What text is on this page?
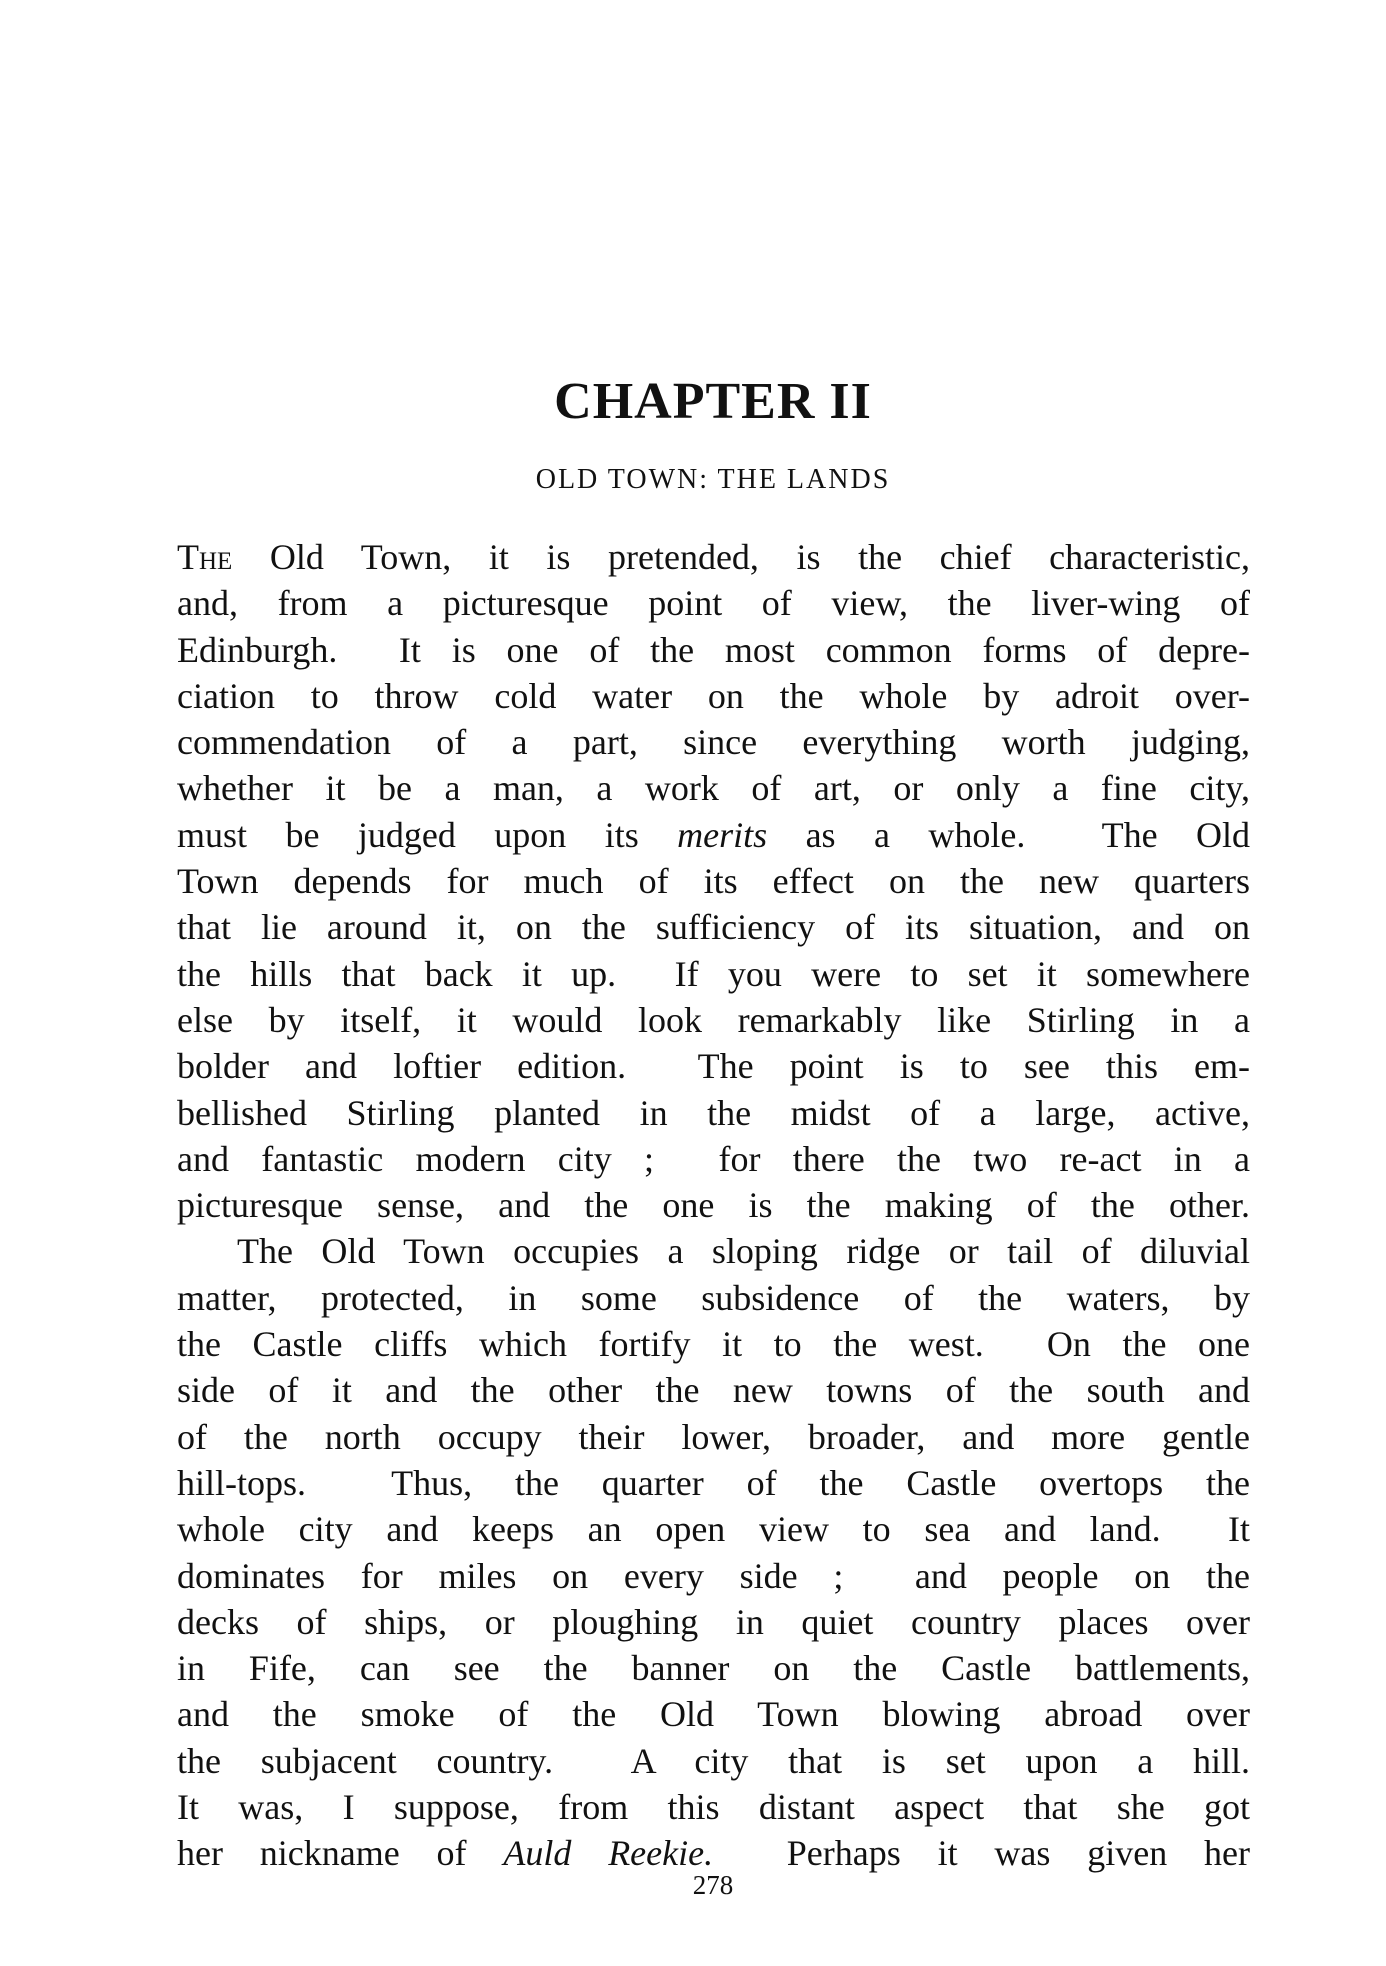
CHAPTER II
OLD TOWN: THE LANDS
The Old Town, it is pretended, is the chief characteristic,
and, from a picturesque point of view, the liver-wing of
Edinburgh.  It is one of the most common forms of depre-
ciation to throw cold water on the whole by adroit over-
commendation of a part, since everything worth judging,
whether it be a man, a work of art, or only a fine city,
must be judged upon its merits as a whole.  The Old
Town depends for much of its effect on the new quarters
that lie around it, on the sufficiency of its situation, and on
the hills that back it up.  If you were to set it somewhere
else by itself, it would look remarkably like Stirling in a
bolder and loftier edition.  The point is to see this em-
bellished Stirling planted in the midst of a large, active,
and fantastic modern city ;  for there the two re-act in a
picturesque sense, and the one is the making of the other.
The Old Town occupies a sloping ridge or tail of diluvial
matter, protected, in some subsidence of the waters, by
the Castle cliffs which fortify it to the west.  On the one
side of it and the other the new towns of the south and
of the north occupy their lower, broader, and more gentle
hill-tops.  Thus, the quarter of the Castle overtops the
whole city and keeps an open view to sea and land.  It
dominates for miles on every side ;  and people on the
decks of ships, or ploughing in quiet country places over
in Fife, can see the banner on the Castle battlements,
and the smoke of the Old Town blowing abroad over
the subjacent country.  A city that is set upon a hill.
It was, I suppose, from this distant aspect that she got
her nickname of Auld Reekie.  Perhaps it was given her
278
